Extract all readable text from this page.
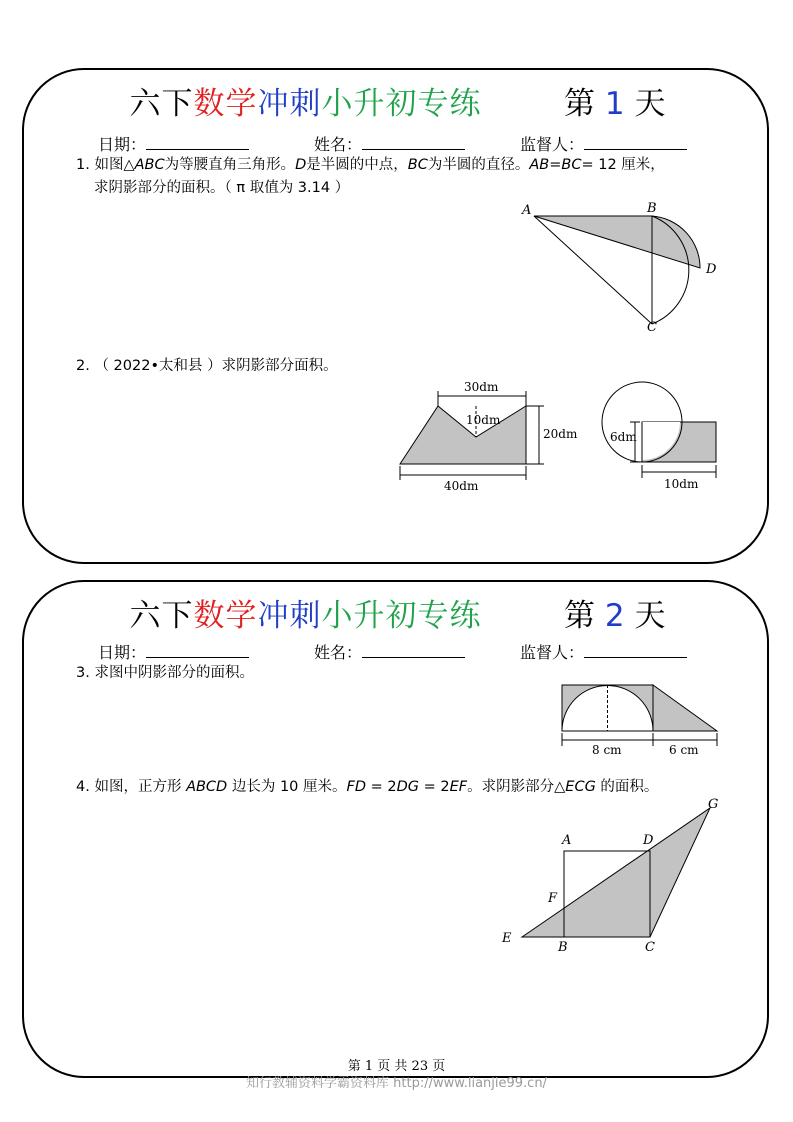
六下数学冲刺小升初专练	第 1 天
日期：	姓名：	监督人：
1. 如图△ABC为等腰直角三角形。D是半圆的中点，BC为半圆的直径。AB=BC= 12 厘米，
求阴影部分的面积。（ π 取值为 3.14 ）
A	B
D
C
2. （ 2022•太和县 ）求阴影部分面积。
30dm
10dm
20dm
40dm
6dm
10dm
六下数学冲刺小升初专练	第 2 天
日期：	姓名：	监督人：
3. 求图中阴影部分的面积。
8 cm	6 cm
4. 如图，正方形 ABCD 边长为 10 厘米。FD = 2DG = 2EF。求阴影部分△ECG 的面积。
G
A	D
F
E
B	C
第 1 页 共 23 页
知行教辅资料学霸资料库 http://www.lianjie99.cn/
